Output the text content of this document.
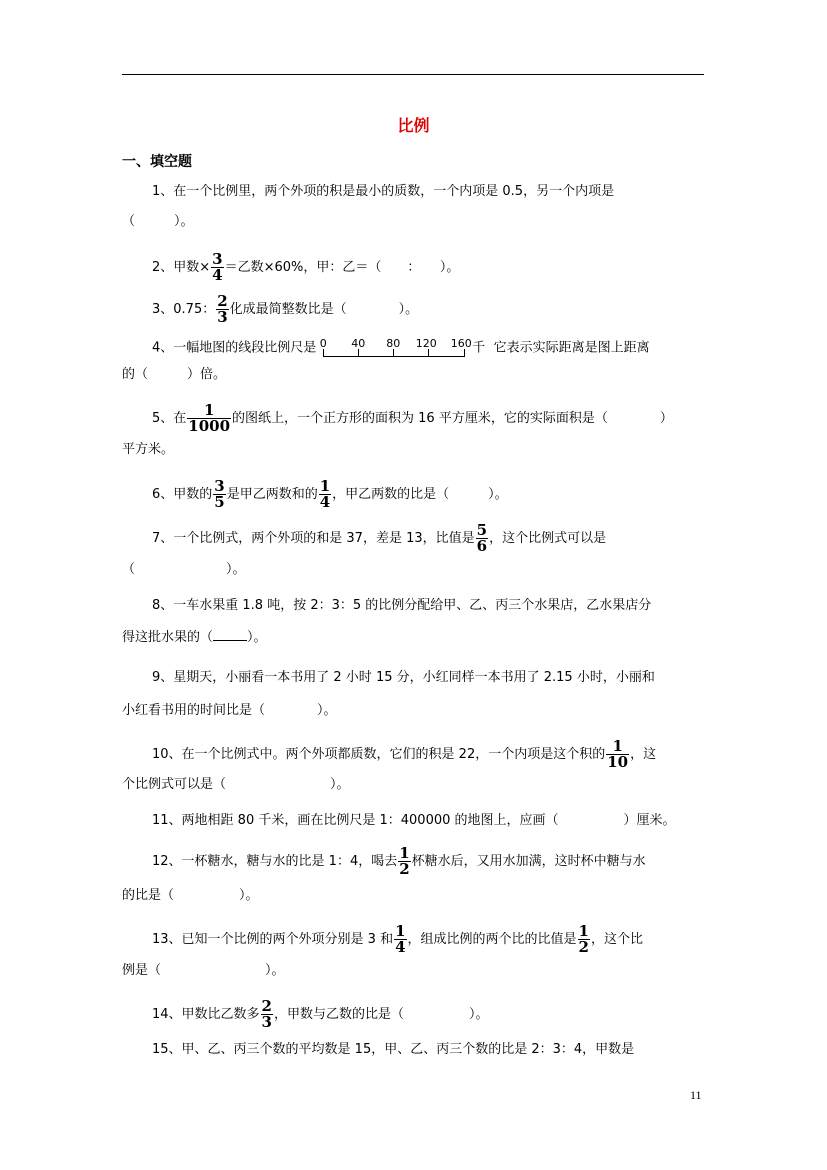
比例
一、填空题
1、在一个比例里，两个外项的积是最小的质数，一个内项是 0.5，另一个内项是
（　　　）。
2、甲数× $\frac{3}{4}$ ＝乙数×60%，甲：乙＝（　　：　　）。
3、0.75： $\frac{2}{3}$ 化成最简整数比是（　　　　）。
4、一幅地图的线段比例尺是 0 40 80 120 160 千 它表示实际距离是图上距离
的（　　　）倍。
5、在 $\frac{1}{1000}$ 的图纸上，一个正方形的面积为 16 平方厘米，它的实际面积是（　　　　）
平方米。
6、甲数的 $\frac{3}{5}$ 是甲乙两数和的 $\frac{1}{4}$ ，甲乙两数的比是（　　　）。
7、一个比例式，两个外项的和是 37，差是 13，比值是 $\frac{5}{6}$ ，这个比例式可以是
（　　　　　　　）。
8、一车水果重 1.8 吨，按 2：3：5 的比例分配给甲、乙、丙三个水果店，乙水果店分
得这批水果的（	）。
9、星期天，小丽看一本书用了 2 小时 15 分，小红同样一本书用了 2.15 小时，小丽和
小红看书用的时间比是（　　　　）。
10、在一个比例式中。两个外项都质数，它们的积是 22，一个内项是这个积的 $\frac{1}{10}$ ，这
个比例式可以是（　　　　　　　　）。
11、两地相距 80 千米，画在比例尺是 1：400000 的地图上，应画（　　　　　）厘米。
12、一杯糖水，糖与水的比是 1：4，喝去 $\frac{1}{2}$ 杯糖水后，又用水加满，这时杯中糖与水
的比是（　　　　　）。
13、已知一个比例的两个外项分别是 3 和 $\frac{1}{4}$ ，组成比例的两个比的比值是 $\frac{1}{2}$ ，这个比
例是（　　　　　　　　）。
14、甲数比乙数多 $\frac{2}{3}$ ，甲数与乙数的比是（　　　　　）。
15、甲、乙、丙三个数的平均数是 15，甲、乙、丙三个数的比是 2：3：4，甲数是
11
